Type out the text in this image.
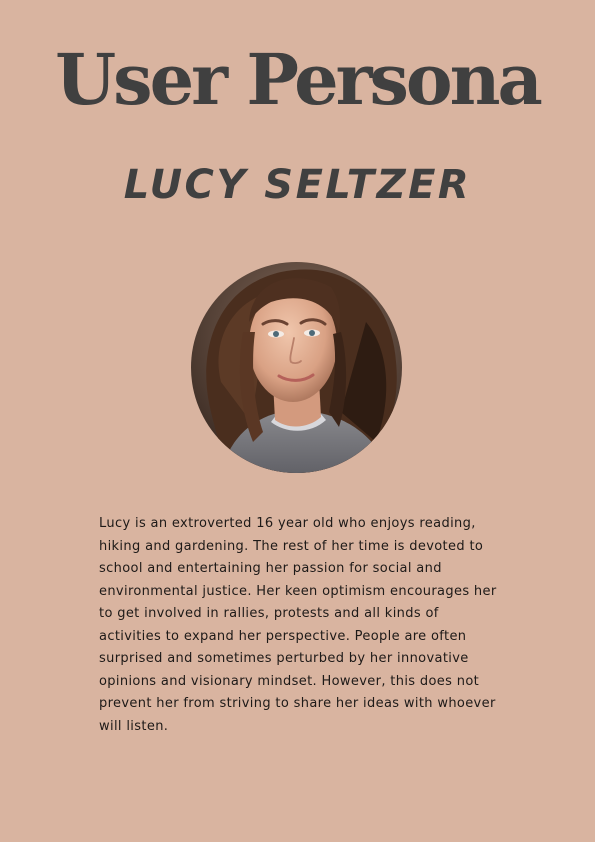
User Persona
LUCY SELTZER

Lucy is an extroverted 16 year old who enjoys reading, hiking and gardening. The rest of her time is devoted to school and entertaining her passion for social and environmental justice. Her keen optimism encourages her to get involved in rallies, protests and all kinds of activities to expand her perspective. People are often surprised and sometimes perturbed by her innovative opinions and visionary mindset. However, this does not prevent her from striving to share her ideas with whoever will listen.
